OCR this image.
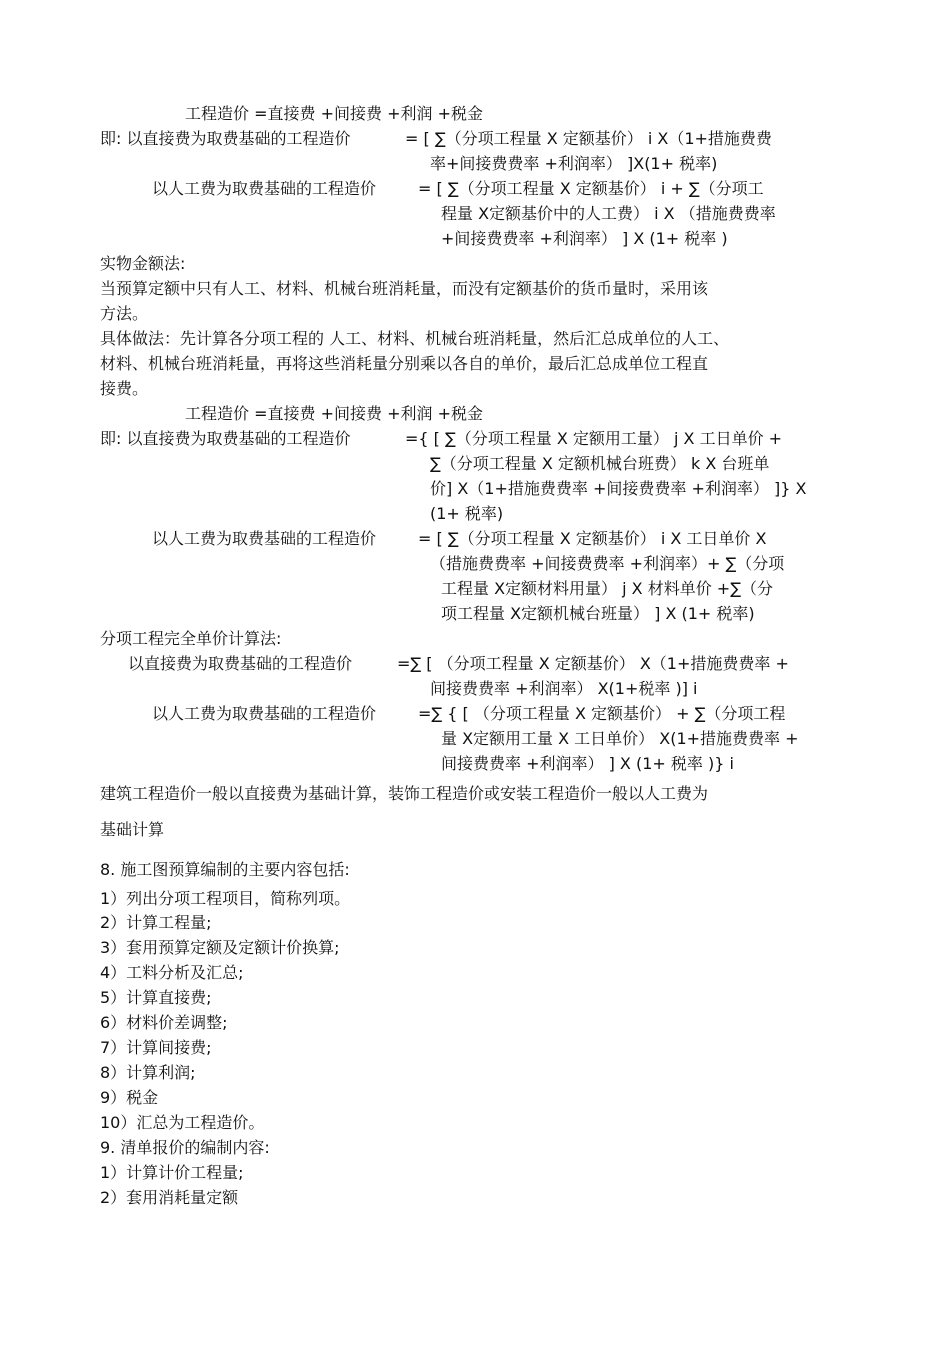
工程造价 =直接费 +间接费 +利润 +税金
即: 以直接费为取费基础的工程造价	= [ ∑（分项工程量 X 定额基价） i X（1+措施费费
率+间接费费率 +利润率） ]X(1+ 税率)
以人工费为取费基础的工程造价	= [ ∑（分项工程量 X 定额基价） i + ∑（分项工
程量 X定额基价中的人工费） i X （措施费费率
+间接费费率 +利润率） ] X (1+ 税率 )
实物金额法:
当预算定额中只有人工、材料、机械台班消耗量，而没有定额基价的货币量时，采用该
方法。
具体做法：先计算各分项工程的 人工、材料、机械台班消耗量，然后汇总成单位的人工、
材料、机械台班消耗量，再将这些消耗量分别乘以各自的单价，最后汇总成单位工程直
接费。
工程造价 =直接费 +间接费 +利润 +税金
即: 以直接费为取费基础的工程造价	={ [ ∑（分项工程量 X 定额用工量） j X 工日单价 +
∑（分项工程量 X 定额机械台班费） k X 台班单
价] X（1+措施费费率 +间接费费率 +利润率） ]} X
(1+ 税率)
以人工费为取费基础的工程造价	= [ ∑（分项工程量 X 定额基价） i X 工日单价 X
（措施费费率 +间接费费率 +利润率）+ ∑（分项
工程量 X定额材料用量） j X 材料单价 +∑（分
项工程量 X定额机械台班量） ] X (1+ 税率)
分项工程完全单价计算法:
以直接费为取费基础的工程造价	=∑ [ （分项工程量 X 定额基价） X（1+措施费费率 +
间接费费率 +利润率） X(1+税率 )] i
以人工费为取费基础的工程造价	=∑ { [ （分项工程量 X 定额基价） + ∑（分项工程
量 X定额用工量 X 工日单价） X(1+措施费费率 +
间接费费率 +利润率） ] X (1+ 税率 )} i
建筑工程造价一般以直接费为基础计算，装饰工程造价或安装工程造价一般以人工费为
基础计算
8. 施工图预算编制的主要内容包括:
1）列出分项工程项目，简称列项。
2）计算工程量;
3）套用预算定额及定额计价换算;
4）工料分析及汇总;
5）计算直接费;
6）材料价差调整;
7）计算间接费;
8）计算利润;
9）税金
10）汇总为工程造价。
9. 清单报价的编制内容:
1）计算计价工程量;
2）套用消耗量定额
